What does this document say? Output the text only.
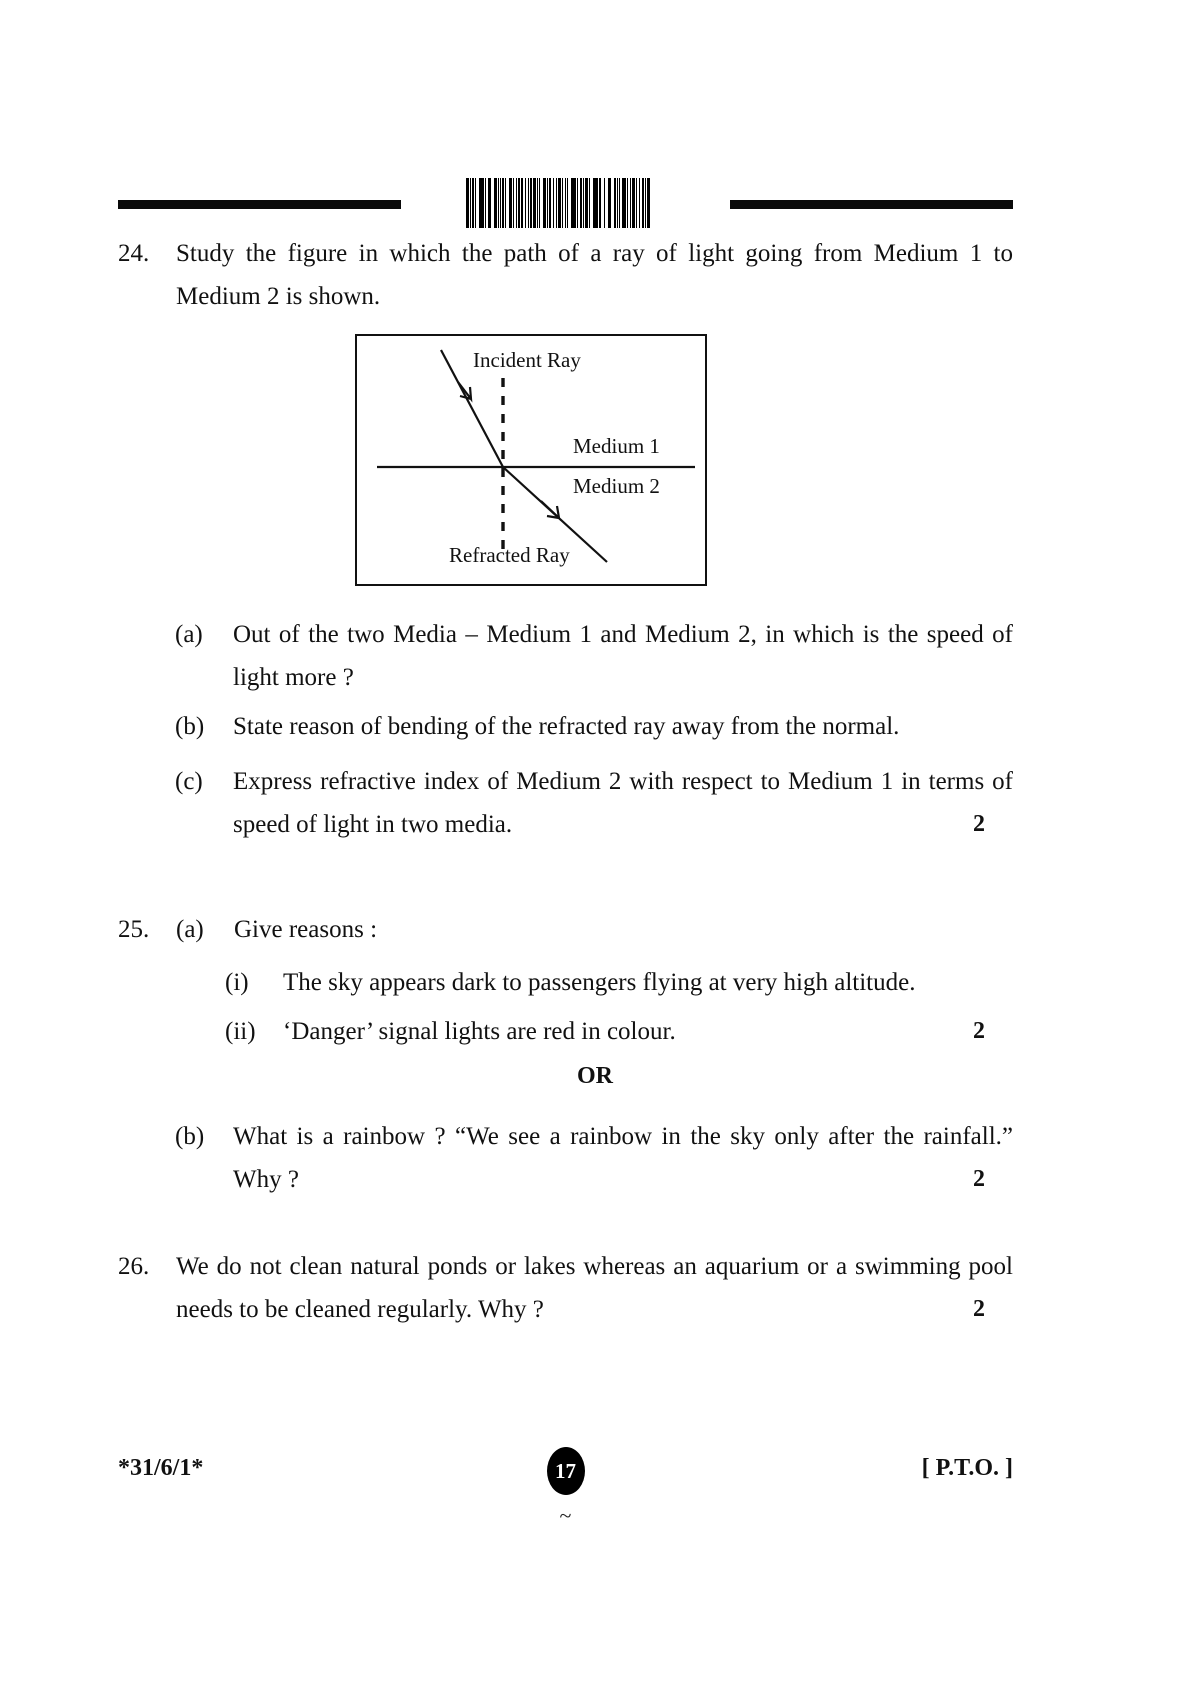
24.	Study the figure in which the path of a ray of light going from Medium 1 to Medium 2 is shown.
Incident Ray
Medium 1
Medium 2
Refracted Ray
(a)	Out of the two Media – Medium 1 and Medium 2, in which is the speed of light more ?
(b)	State reason of bending of the refracted ray away from the normal.
(c)	Express refractive index of Medium 2 with respect to Medium 1 in terms of speed of light in two media.	2
25.	(a)	Give reasons :
(i)	The sky appears dark to passengers flying at very high altitude.
(ii)	‘Danger’ signal lights are red in colour.	2
OR
(b)	What is a rainbow ? “We see a rainbow in the sky only after the rainfall.” Why ?	2
26.	We do not clean natural ponds or lakes whereas an aquarium or a swimming pool needs to be cleaned regularly. Why ?	2
*31/6/1*	17
~
[ P.T.O. ]
